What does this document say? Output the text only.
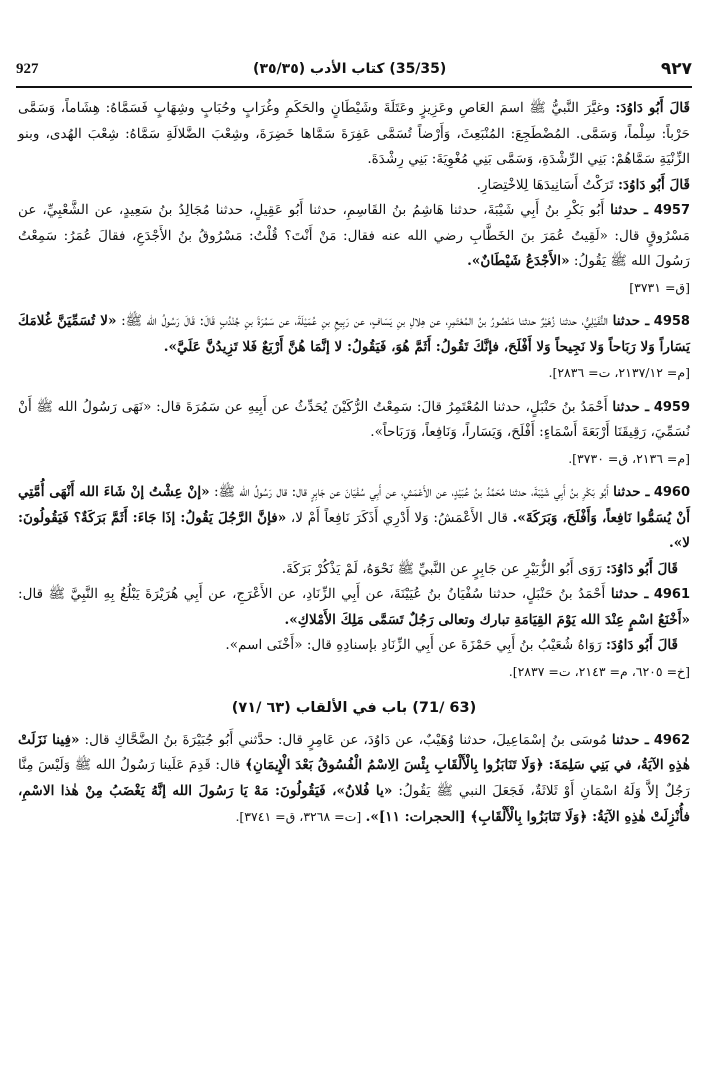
927	(35/35) كتاب الأدب (٣٥/٣٥)	٩٢٧

قَالَ أَبُو دَاوُدَ: وغيَّرَ النَّبيُّ ﷺ اسمَ العَاصِ وعَزِيزٍ وعَتَلَةَ وشَيْطَانٍ والحَكَمِ وغُرَابٍ وحُبَابٍ وشِهَابٍ فَسَمَّاهُ: هِشَاماً، وَسَمَّى حَرْباً: سِلْماً، وَسَمَّى. المُضْطَجِعَ: المُنْبَعِثَ، وَأَرْضاً تُسَمَّى عَفِرَةَ سَمَّاها خَضِرَةَ، وشِعْبَ الضَّلالَةِ سَمَّاهُ: شِعْبَ الهُدى، وبنو الزِّنْيَةِ سَمَّاهُمْ: بَنِي الرِّشْدَةِ، وَسَمَّى بَنِي مُغْوِيَةَ: بَنِي رِشْدَةَ.

قَالَ أَبُو دَاوُدَ: تَرَكْتُ أَسَانِيدَهَا لِلاخْتِصَارِ.

4957 ـ حدثنا أَبُو بَكْرِ بنُ أَبِي شَيْبَةَ، حدثنا هَاشِمُ بنُ القَاسِمِ، حدثنا أَبُو عَقِيلٍ، حدثنا مُجَالِدُ بنُ سَعِيدٍ، عن الشَّعْبِيِّ، عن مَسْرُوقٍ قال: «لَقِيتُ عُمَرَ بنَ الخَطَّابِ رضي الله عنه فقال: مَنْ أَنْتَ؟ قُلْتُ: مَسْرُوقُ بنُ الأَجْدَعِ، فقالَ عُمَرُ: سَمِعْتُ رَسُولَ الله ﷺ يَقُولُ: «الأَجْدَعُ شَيْطَانٌ».

[ق= ٣٧٣١]

4958 ـ حدثنا النُّفَيْلِيُّ، حدثنا زُهَيْرٌ حدثنا مَنْصُورُ بنُ المُعْتَمِرِ، عن هِلالِ بنِ يَسَافٍ، عن رَبِيعِ بنِ عُمَيْلَةَ، عن سَمُرَةَ بنِ جُنْدُبٍ قَالَ: قَالَ رَسُولُ الله ﷺ: «لا تُسَمِّيَنَّ غُلامَكَ يَسَاراً وَلا رَبَاحاً وَلا نَجِيحاً وَلا أَفْلَحَ، فإنَّكَ تَقُولُ: أَثَمَّ هُوَ، فَيَقُولُ: لا إنَّمَا هُنَّ أَرْبَعٌ فَلا تَزِيدُنَّ عَلَيَّ».

[م= ٢١٣٧/١٢، ت= ٢٨٣٦].

4959 ـ حدثنا أَحْمَدُ بنُ حَنْبَلٍ، حدثنا المُعْتَمِرُ قالَ: سَمِعْتُ الرُّكَيْنَ يُحَدِّثُ عن أَبِيهِ عن سَمُرَةَ قال: «نَهَى رَسُولُ الله ﷺ أَنْ نُسَمِّيَ، رَقِيقَنَا أَرْبَعَةَ أَسْمَاءٍ: أَفْلَحَ، وَيَسَاراً، وَنَافِعاً، وَرَبَاحاً».

[م= ٢١٣٦، ق= ٣٧٣٠].

4960 ـ حدثنا أَبُو بَكْرِ بنُ أَبِي شَيْبَةَ، حدثنا مُحَمَّدُ بنُ عُبَيْدٍ، عن الأَعْمَشِ، عن أَبِي سُفْيَانَ عن جَابِرٍ قال: قال رَسُولُ الله ﷺ: «إنْ عِشْتُ إنْ شَاءَ الله أَنْهَى أُمَّتِي أَنْ يُسَمُّوا نَافِعاً، وَأَفْلَحَ، وَبَرَكَةَ». قال الأَعْمَشُ: وَلا أَدْرِي أَذَكَرَ نَافِعاً أَمْ لا، «فإنَّ الرَّجُلَ يَقُولُ: إذَا جَاءَ: أَثَمَّ بَرَكَةٌ؟ فَيَقُولُونَ: لا».

قَالَ أَبُو دَاوُدَ: رَوَى أَبُو الزُّبَيْرِ عن جَابِرٍ عن النَّبيِّ ﷺ نَحْوَهُ، لَمْ يَذْكُرْ بَرَكَةَ.

4961 ـ حدثنا أَحْمَدُ بنُ حَنْبَلٍ، حدثنا سُفْيَانُ بنُ عُيَيْنَةَ، عن أَبِي الزِّنَادِ، عن الأَعْرَجِ، عن أَبِي هُرَيْرَةَ يَبْلُغُ بِهِ النَّبِيَّ ﷺ قال: «أَخْنَعُ اسْمٍ عِنْدَ الله يَوْمَ القِيَامَةِ تبارك وتعالى رَجُلٌ تَسَمَّى مَلِكَ الأَمْلاكِ».

قَالَ أَبُو دَاوُدَ: رَوَاهُ شُعَيْبُ بنُ أَبِي حَمْزَةَ عن أَبِي الزِّنَادِ بإسنادِهِ قال: «أَخْنَى اسم».

[خ= ٦٢٠٥، م= ٢١٤٣، ت= ٢٨٣٧].

(63 /71) باب في الألقاب (٦٣ /٧١)

4962 ـ حدثنا مُوسَى بنُ إسْمَاعِيلَ، حدثنا وُهَيْبٌ، عن دَاوُدَ، عن عَامِرٍ قال: حدَّثني أَبُو جُبَيْرَةَ بنُ الضَّحَّاكِ قال: «فِينا نَزَلَتْ هٰذِهِ الآيَةُ، في بَنِي سَلِمَةَ: ﴿وَلَا تَنَابَزُوا بِالْأَلْقَابِ بِئْسَ الِاسْمُ الْفُسُوقُ بَعْدَ الْإِيمَانِ﴾ قال: قَدِمَ عَلَينا رَسُولُ الله ﷺ وَلَيْسَ مِنَّا رَجُلٌ إلاَّ وَلَهُ اسْمَانِ أَوْ ثَلاثَةٌ، فَجَعَلَ النبي ﷺ يَقُولُ: «يا فُلانُ»، فَيَقُولُونَ: مَهْ يَا رَسُولَ الله إنَّهُ يَغْضَبُ مِنْ هٰذا الاسْمِ، فأُنْزِلَتْ هٰذِهِ الآيَةُ: ﴿وَلَا تَنَابَزُوا بِالْأَلْقَابِ﴾ [الحجرات: ١١]». [ت= ٣٢٦٨، ق= ٣٧٤١].
